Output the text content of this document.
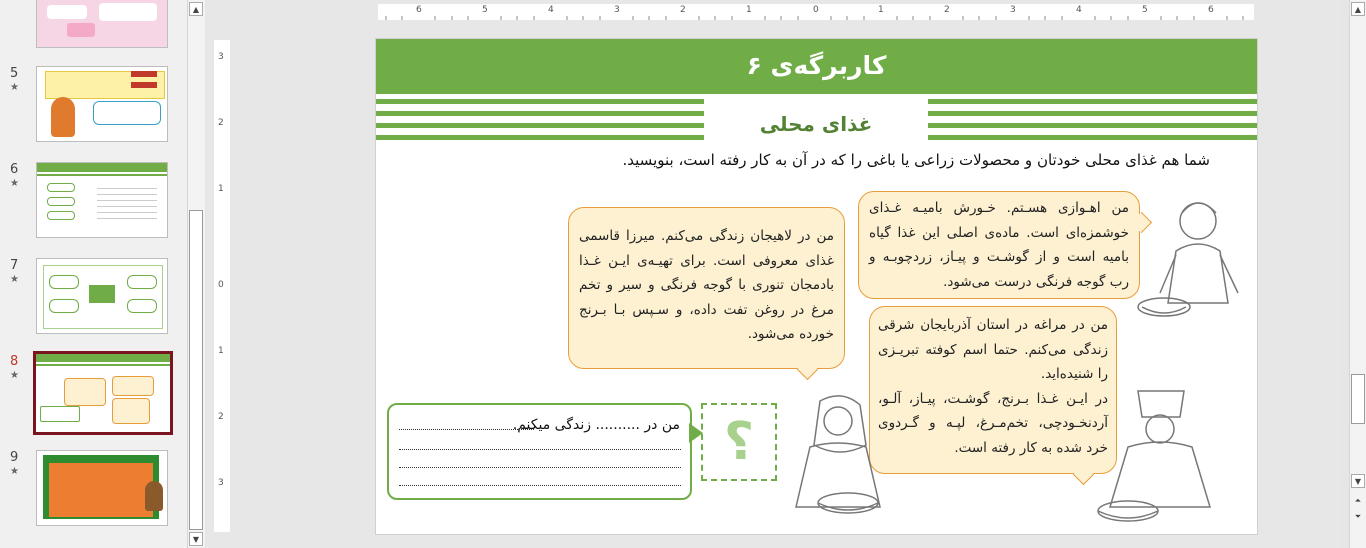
5
★
6
★
7
★
8
★
9
★
▲
▼
6	5	4	3	2	1	0	1	2	3	4	5	6
3
2
1
0
1
2
3
کاربرگه‌ی ۶
غذای محلی
شما هم غذای محلی خودتان و محصولات زراعی یا باغی را که در آن به کار رفته است، بنویسید.
من اهـوازی هسـتم. خـورش بامیـه غـذای خوشمزه‌ای است. ماده‌ی اصلی این غذا گیاه بامیه است و از گوشـت و پیـاز، زردچوبـه و رب گوجه فرنگی درست می‌شود.
من در لاهیجان زندگی می‌کنم. میرزا قاسمی غذای معروفی است. برای تهیـه‌ی ایـن غـذا بادمجان تنوری با گوجه فرنگی و سیر و تخم مرغ در روغن تفت داده، و سـپس بـا بـرنج خورده می‌شود.
من در مراغه در استان آذربایجان شرقی زندگی می‌کنم. حتما اسم کوفته تبریـزی را شنیده‌اید.
در ایـن غـذا بـرنج، گوشـت، پیـاز، آلـو، آردنخـودچی، تخم‌مـرغ، لپـه و گـردوی خرد شده به کار رفته است.
؟
من در .......... زندگی میکنم.
▲
▼
⏶
⏷
